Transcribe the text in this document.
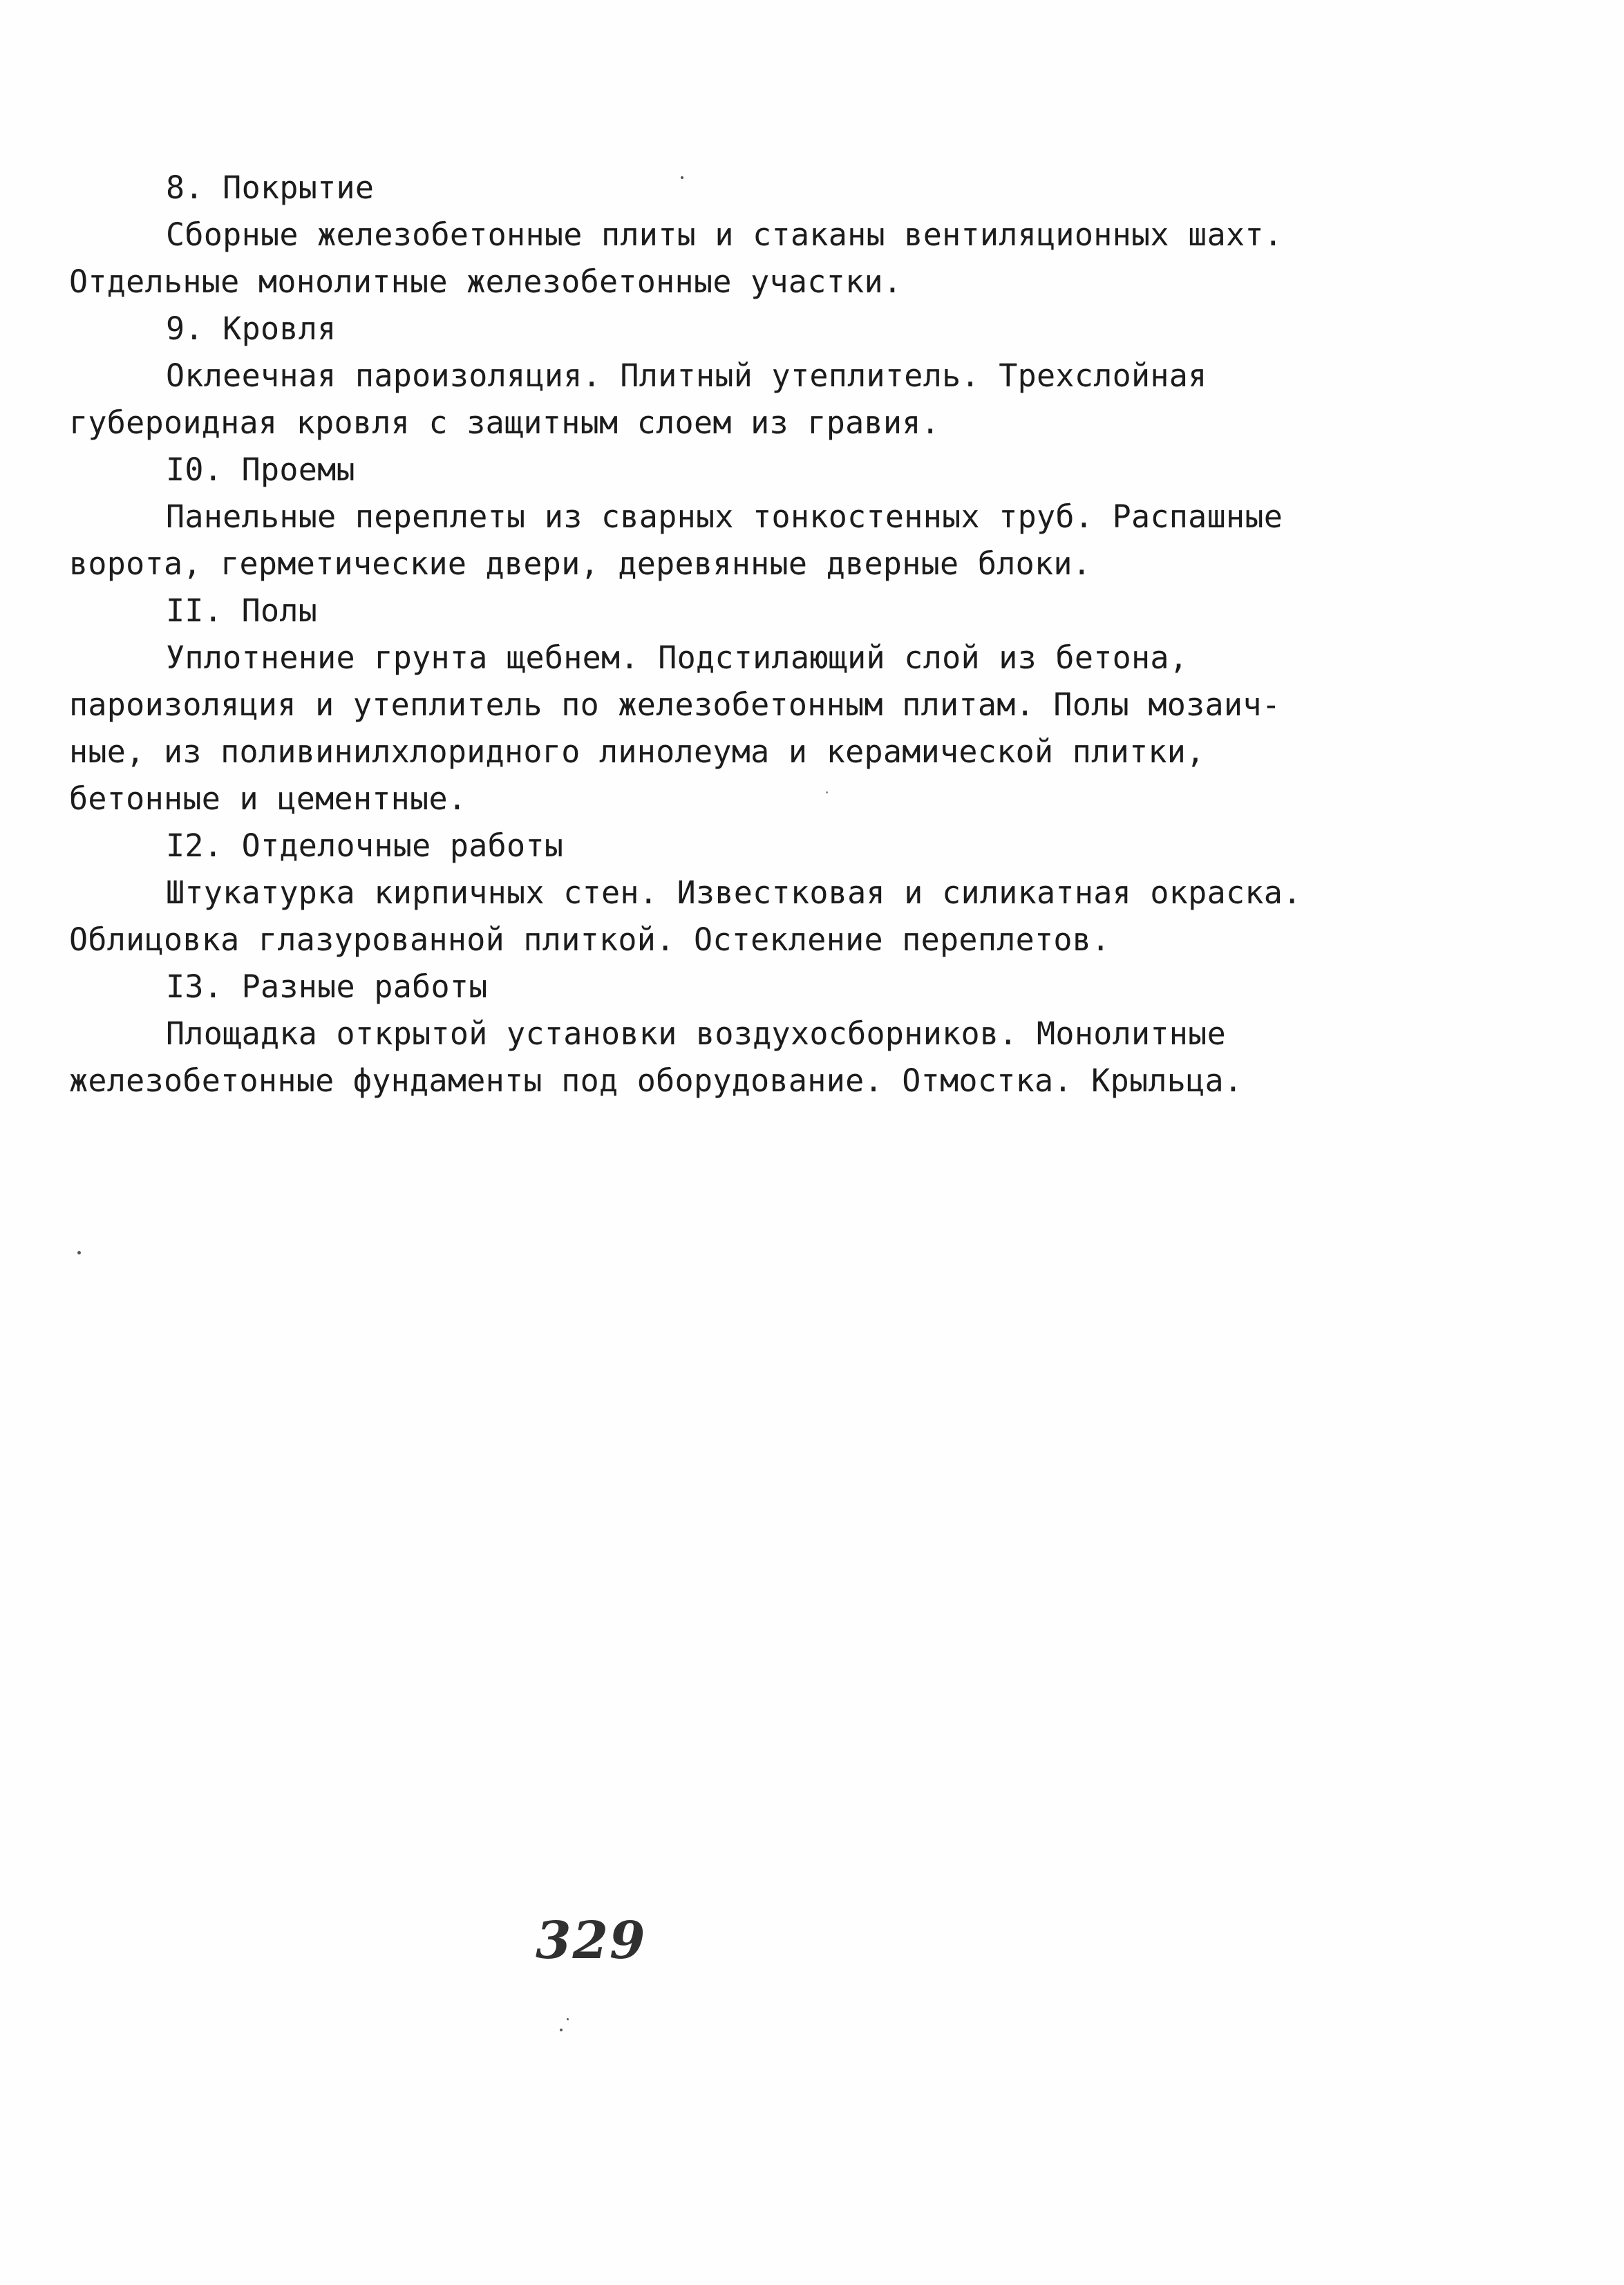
8. Покрытие
Сборные железобетонные плиты и стаканы вентиляционных шахт.
Отдельные монолитные железобетонные участки.
9. Кровля
Оклеечная пароизоляция. Плитный утеплитель. Трехслойная
губероидная кровля с защитным слоем из гравия.
I0. Проемы
Панельные переплеты из сварных тонкостенных труб. Распашные
ворота, герметические двери, деревянные дверные блоки.
II. Полы
Уплотнение грунта щебнем. Подстилающий слой из бетона,
пароизоляция и утеплитель по железобетонным плитам. Полы мозаич-
ные, из поливинилхлоридного линолеума и керамической плитки,
бетонные и цементные.
I2. Отделочные работы
Штукатурка кирпичных стен. Известковая и силикатная окраска.
Облицовка глазурованной плиткой. Остекление переплетов.
I3. Разные работы
Площадка открытой установки воздухосборников. Монолитные
железобетонные фундаменты под оборудование. Отмостка. Крыльца.
329
